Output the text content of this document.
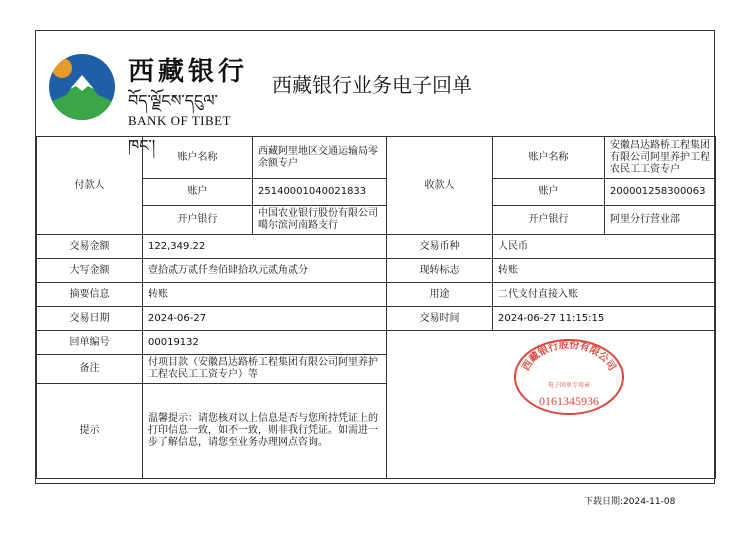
西藏银行
བོད་ལྗོངས་དངུལ་ཁང་།
BANK OF TIBET
西藏银行业务电子回单
付款人	账户名称	西藏阿里地区交通运输局零余额专户	收款人	账户名称	安徽昌达路桥工程集团有限公司阿里养护工程农民工工资专户
	账户	25140001040021833		账户	200001258300063
	开户银行	中国农业银行股份有限公司噶尔滨河南路支行		开户银行	阿里分行营业部
交易金额	122,349.22		交易币种	人民币	
大写金额	壹拾贰万贰仟叁佰肆拾玖元贰角贰分		现转标志	转账	
摘要信息	转账		用途	二代支付直接入账	
交易日期	2024-06-27		交易时间	2024-06-27 11:15:15	
回单编号	00019132				
备注	付项目款（安徽昌达路桥工程集团有限公司阿里养护工程农民工工资专户）等				
提示	温馨提示：请您核对以上信息是否与您所持凭证上的打印信息一致，如不一致，则非我行凭证。如需进一步了解信息，请您至业务办理网点咨询。				
西藏银行股份有限公司
电子回单专用章
0161345936
下载日期:2024-11-08
